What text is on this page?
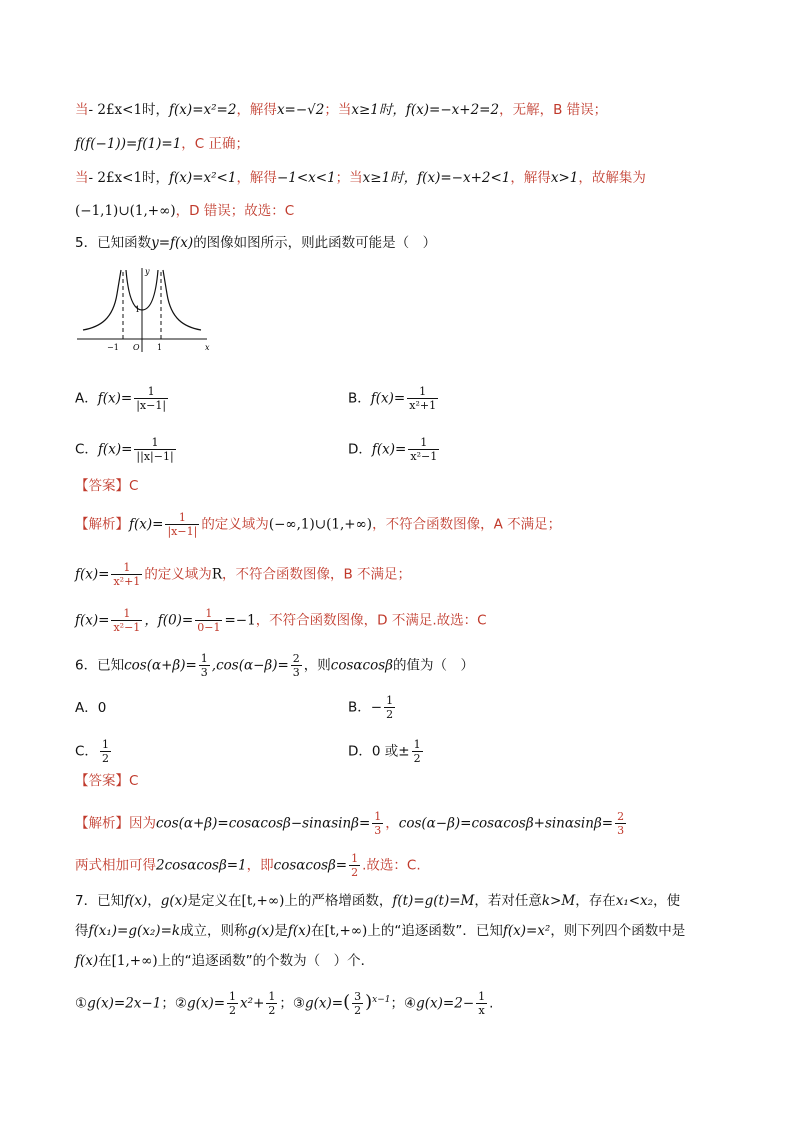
当- 2£x<1时，f(x)=x²=2，解得x=−√2；当x≥1时，f(x)=−x+2=2，无解，B 错误；
f(f(−1))=f(1)=1，C 正确；
当- 2£x<1时，f(x)=x²<1，解得−1<x<1；当x≥1时，f(x)=−x+2<1，解得x>1，故解集为
(−1,1)∪(1,+∞)，D 错误；故选：C
5．已知函数y=f(x)的图像如图所示，则此函数可能是（　）
y
x
O
−1	1
1
A．$f(x)= \frac{1}{|x-1|}$	B．$f(x)= \frac{1}{\text{x²+1}}$
C．$f(x)= \frac{1}{||x|-1|}$	D．$f(x)= \frac{1}{\text{x²−1}}$
【答案】C
【解析】$f(x)= \frac{1}{|x-1|}$ 的定义域为(−∞,1)∪(1,+∞)，不符合函数图像，A 不满足；
$f(x)= \frac{1}{\text{x²+1}}$ 的定义域为R，不符合函数图像，B 不满足；
$f(x)= \frac{1}{\text{x²−1}}$ ，$f(0)= \frac{1}{0-1} =-1$，不符合函数图像，D 不满足.故选：C
6．已知$\cos(\alpha+\beta)= \frac{1}{3} ,\cos(\alpha-\beta)= \frac{2}{3}$ ，则cosαcosβ的值为（　）
A．0	B．− $\frac{1}{2}$
C． $\frac{1}{2}$	D．0 或± $\frac{1}{2}$
【答案】C
【解析】因为$\cos(\alpha+\beta)=\cos\alpha\cos\beta-\sin\alpha\sin\beta= \frac{1}{3}$ ，$\cos(\alpha-\beta)=\cos\alpha\cos\beta+\sin\alpha\sin\beta= \frac{2}{3}$
两式相加可得2cosαcosβ=1，即$\cos\alpha\cos\beta= \frac{1}{2}$ .故选：C.
7．已知f(x)，g(x)是定义在[t,+∞)上的严格增函数，f(t)=g(t)=M，若对任意k>M，存在x₁<x₂，使
得f(x₁)=g(x₂)=k成立，则称g(x)是f(x)在[t,+∞)上的“追逐函数”．已知f(x)=x²，则下列四个函数中是
f(x)在[1,+∞)上的“追逐函数”的个数为（　）个．
①g(x)=2x−1；②g(x)= $\frac{1}{2} x^2+ \frac{1}{2}$ ；③g(x)=( $\frac{3}{2} )^{x-1}$；④g(x)=2− $\frac{1}{x}$ .
